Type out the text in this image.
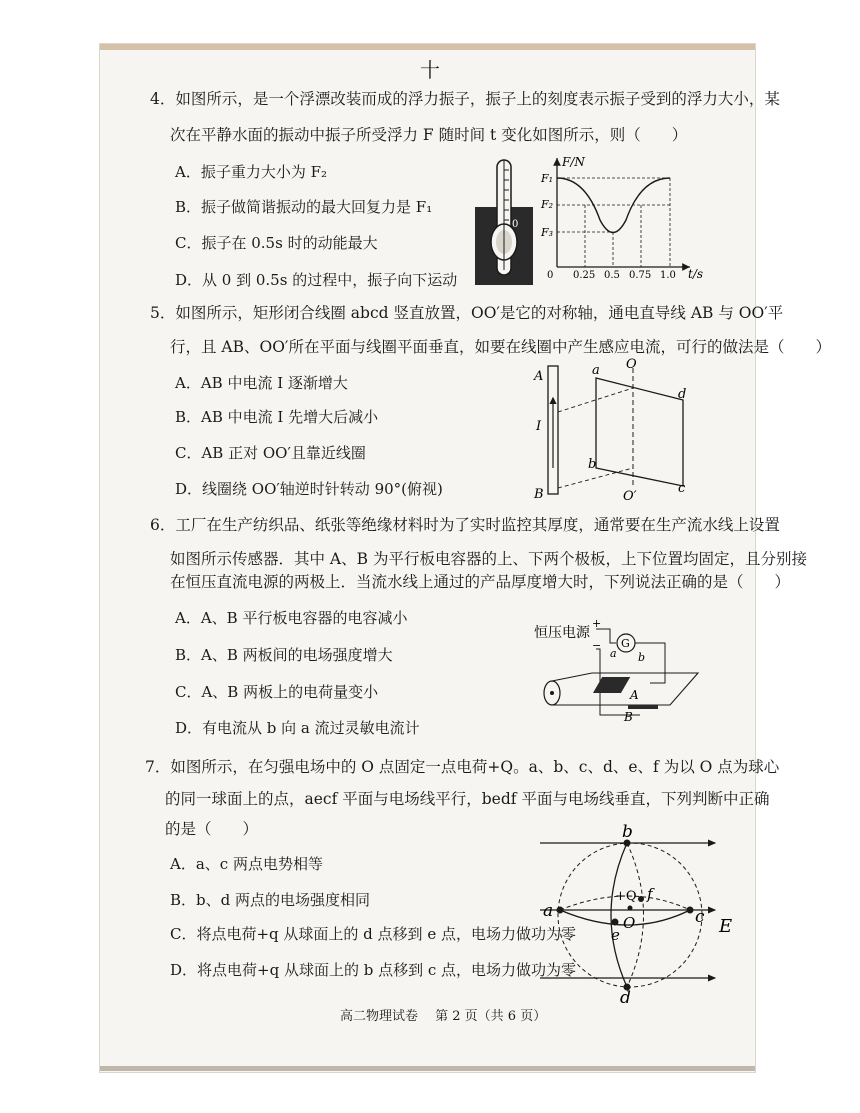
十
4．如图所示，是一个浮漂改装而成的浮力振子，振子上的刻度表示振子受到的浮力大小，某
次在平静水面的振动中振子所受浮力 F 随时间 t 变化如图所示，则（　　）
A．振子重力大小为 F₂
B．振子做简谐振动的最大回复力是 F₁
C．振子在 0.5s 时的动能最大
D．从 0 到 0.5s 的过程中，振子向下运动
0
F/N
t/s
0
F₁
F₂
F₃
0.25 0.5 0.75 1.0
5．如图所示，矩形闭合线圈 abcd 竖直放置，OO′是它的对称轴，通电直导线 AB 与 OO′平
行，且 AB、OO′所在平面与线圈平面垂直，如要在线圈中产生感应电流，可行的做法是（　　）
A．AB 中电流 I 逐渐增大
B．AB 中电流 I 先增大后减小
C．AB 正对 OO′且靠近线圈
D．线圈绕 OO′轴逆时针转动 90°(俯视)
A
B
I
a
b
c
d
O
O′
6．工厂在生产纺织品、纸张等绝缘材料时为了实时监控其厚度，通常要在生产流水线上设置
如图所示传感器．其中 A、B 为平行板电容器的上、下两个极板，上下位置均固定，且分别接
在恒压直流电源的两极上．当流水线上通过的产品厚度增大时，下列说法正确的是（　　）
A．A、B 平行板电容器的电容减小
B．A、B 两板间的电场强度增大
C．A、B 两板上的电荷量变小
D．有电流从 b 向 a 流过灵敏电流计
恒压电源
+
− G
a b
A
B
7．如图所示，在匀强电场中的 O 点固定一点电荷+Q。a、b、c、d、e、f 为以 O 点为球心
的同一球面上的点，aecf 平面与电场线平行，bedf 平面与电场线垂直，下列判断中正确
的是（　　）
A．a、c 两点电势相等
B．b、d 两点的电场强度相同
C．将点电荷+q 从球面上的 d 点移到 e 点，电场力做功为零
D．将点电荷+q 从球面上的 b 点移到 c 点，电场力做功为零
b
d
a	c
e
f
O
+Q
E
高二物理试卷　 第 2 页（共 6 页）
